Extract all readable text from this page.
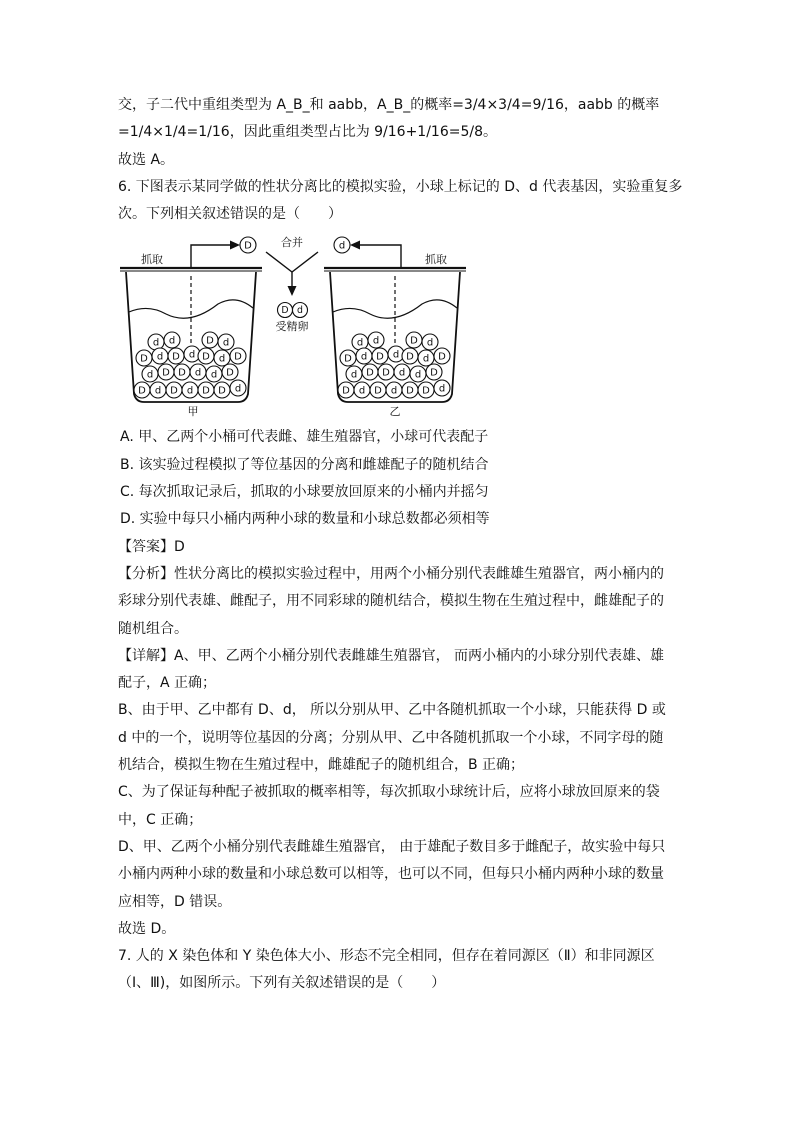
交，子二代中重组类型为 A_B_和 aabb，A_B_的概率=3/4×3/4=9/16，aabb 的概率
=1/4×1/4=1/16，因此重组类型占比为 9/16+1/16=5/8。
故选 A。
6. 下图表示某同学做的性状分离比的模拟实验，小球上标记的 D、d 代表基因，实验重复多
次。下列相关叙述错误的是（　　）
D	d
D d
d	d
d	d
D	D
d	d
D	D
d	d
D	D
d	d
D	D
d	d
D	D
d	d
D	D
D	D
d	d
d	d
D	D
D	D
d	d
D	D
d	d
D	D
D	D
d	d
抓取	抓取
合并
受精卵
甲	乙
A. 甲、乙两个小桶可代表雌、雄生殖器官，小球可代表配子
B. 该实验过程模拟了等位基因的分离和雌雄配子的随机结合
C. 每次抓取记录后，抓取的小球要放回原来的小桶内并摇匀
D. 实验中每只小桶内两种小球的数量和小球总数都必须相等
【答案】D
【分析】性状分离比的模拟实验过程中，用两个小桶分别代表雌雄生殖器官，两小桶内的
彩球分别代表雄、雌配子，用不同彩球的随机结合，模拟生物在生殖过程中，雌雄配子的
随机组合。
【详解】A、甲、乙两个小桶分别代表雌雄生殖器官， 而两小桶内的小球分别代表雄、雄
配子，A 正确；
B、由于甲、乙中都有 D、d， 所以分别从甲、乙中各随机抓取一个小球，只能获得 D 或
d 中的一个，说明等位基因的分离；分别从甲、乙中各随机抓取一个小球，不同字母的随
机结合，模拟生物在生殖过程中，雌雄配子的随机组合，B 正确；
C、为了保证每种配子被抓取的概率相等，每次抓取小球统计后，应将小球放回原来的袋
中，C 正确；
D、甲、乙两个小桶分别代表雌雄生殖器官， 由于雄配子数目多于雌配子，故实验中每只
小桶内两种小球的数量和小球总数可以相等，也可以不同，但每只小桶内两种小球的数量
应相等，D 错误。
故选 D。
7. 人的 X 染色体和 Y 染色体大小、形态不完全相同，但存在着同源区（Ⅱ）和非同源区
（Ⅰ、Ⅲ)，如图所示。下列有关叙述错误的是（　　）
